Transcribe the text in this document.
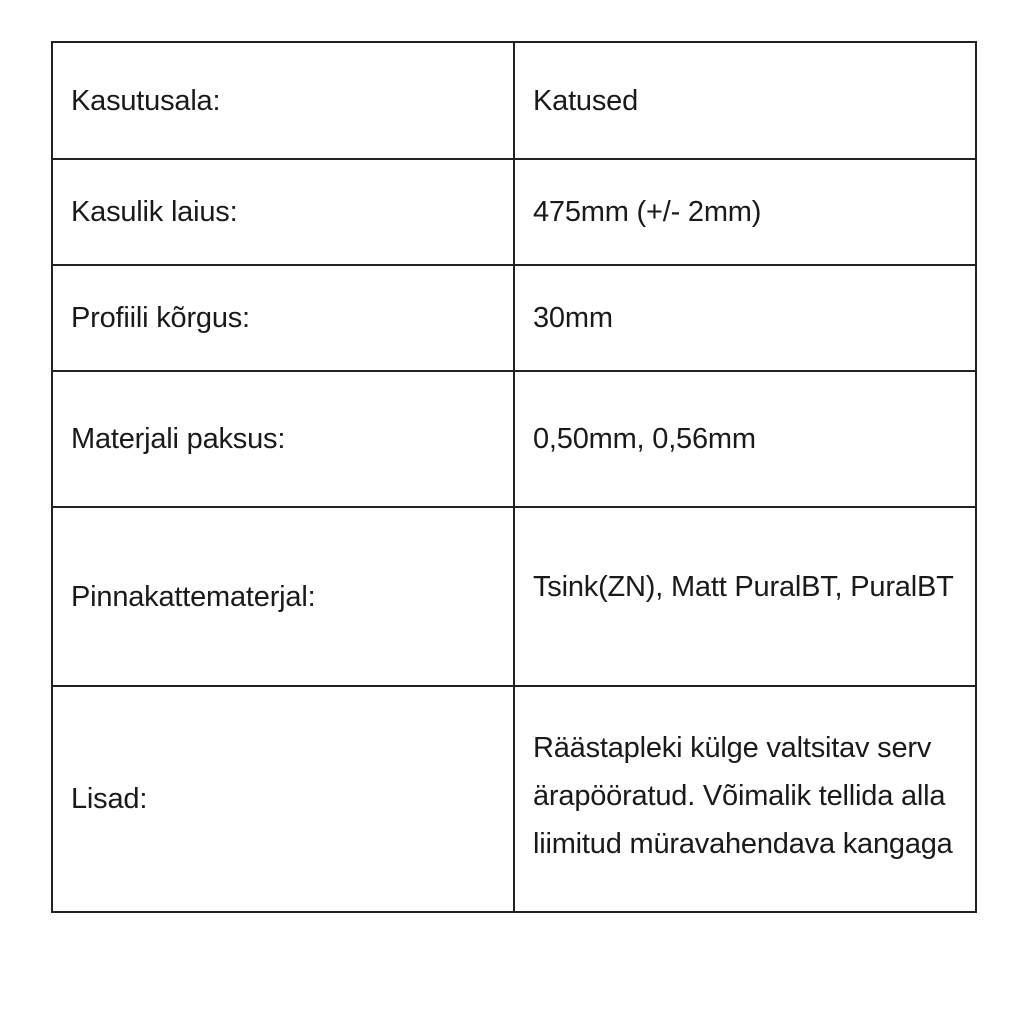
Kasutusala:	Katused

Kasulik laius:	475mm (+/- 2mm)

Profiili kõrgus:	30mm

Materjali paksus:	0,50mm, 0,56mm

Pinnakattematerjal:	Tsink(ZN), Matt PuralBT, PuralBT

Lisad:	Räästapleki külge valtsitav serv ärapööratud. Võimalik tellida alla liimitud müravahendava kangaga
